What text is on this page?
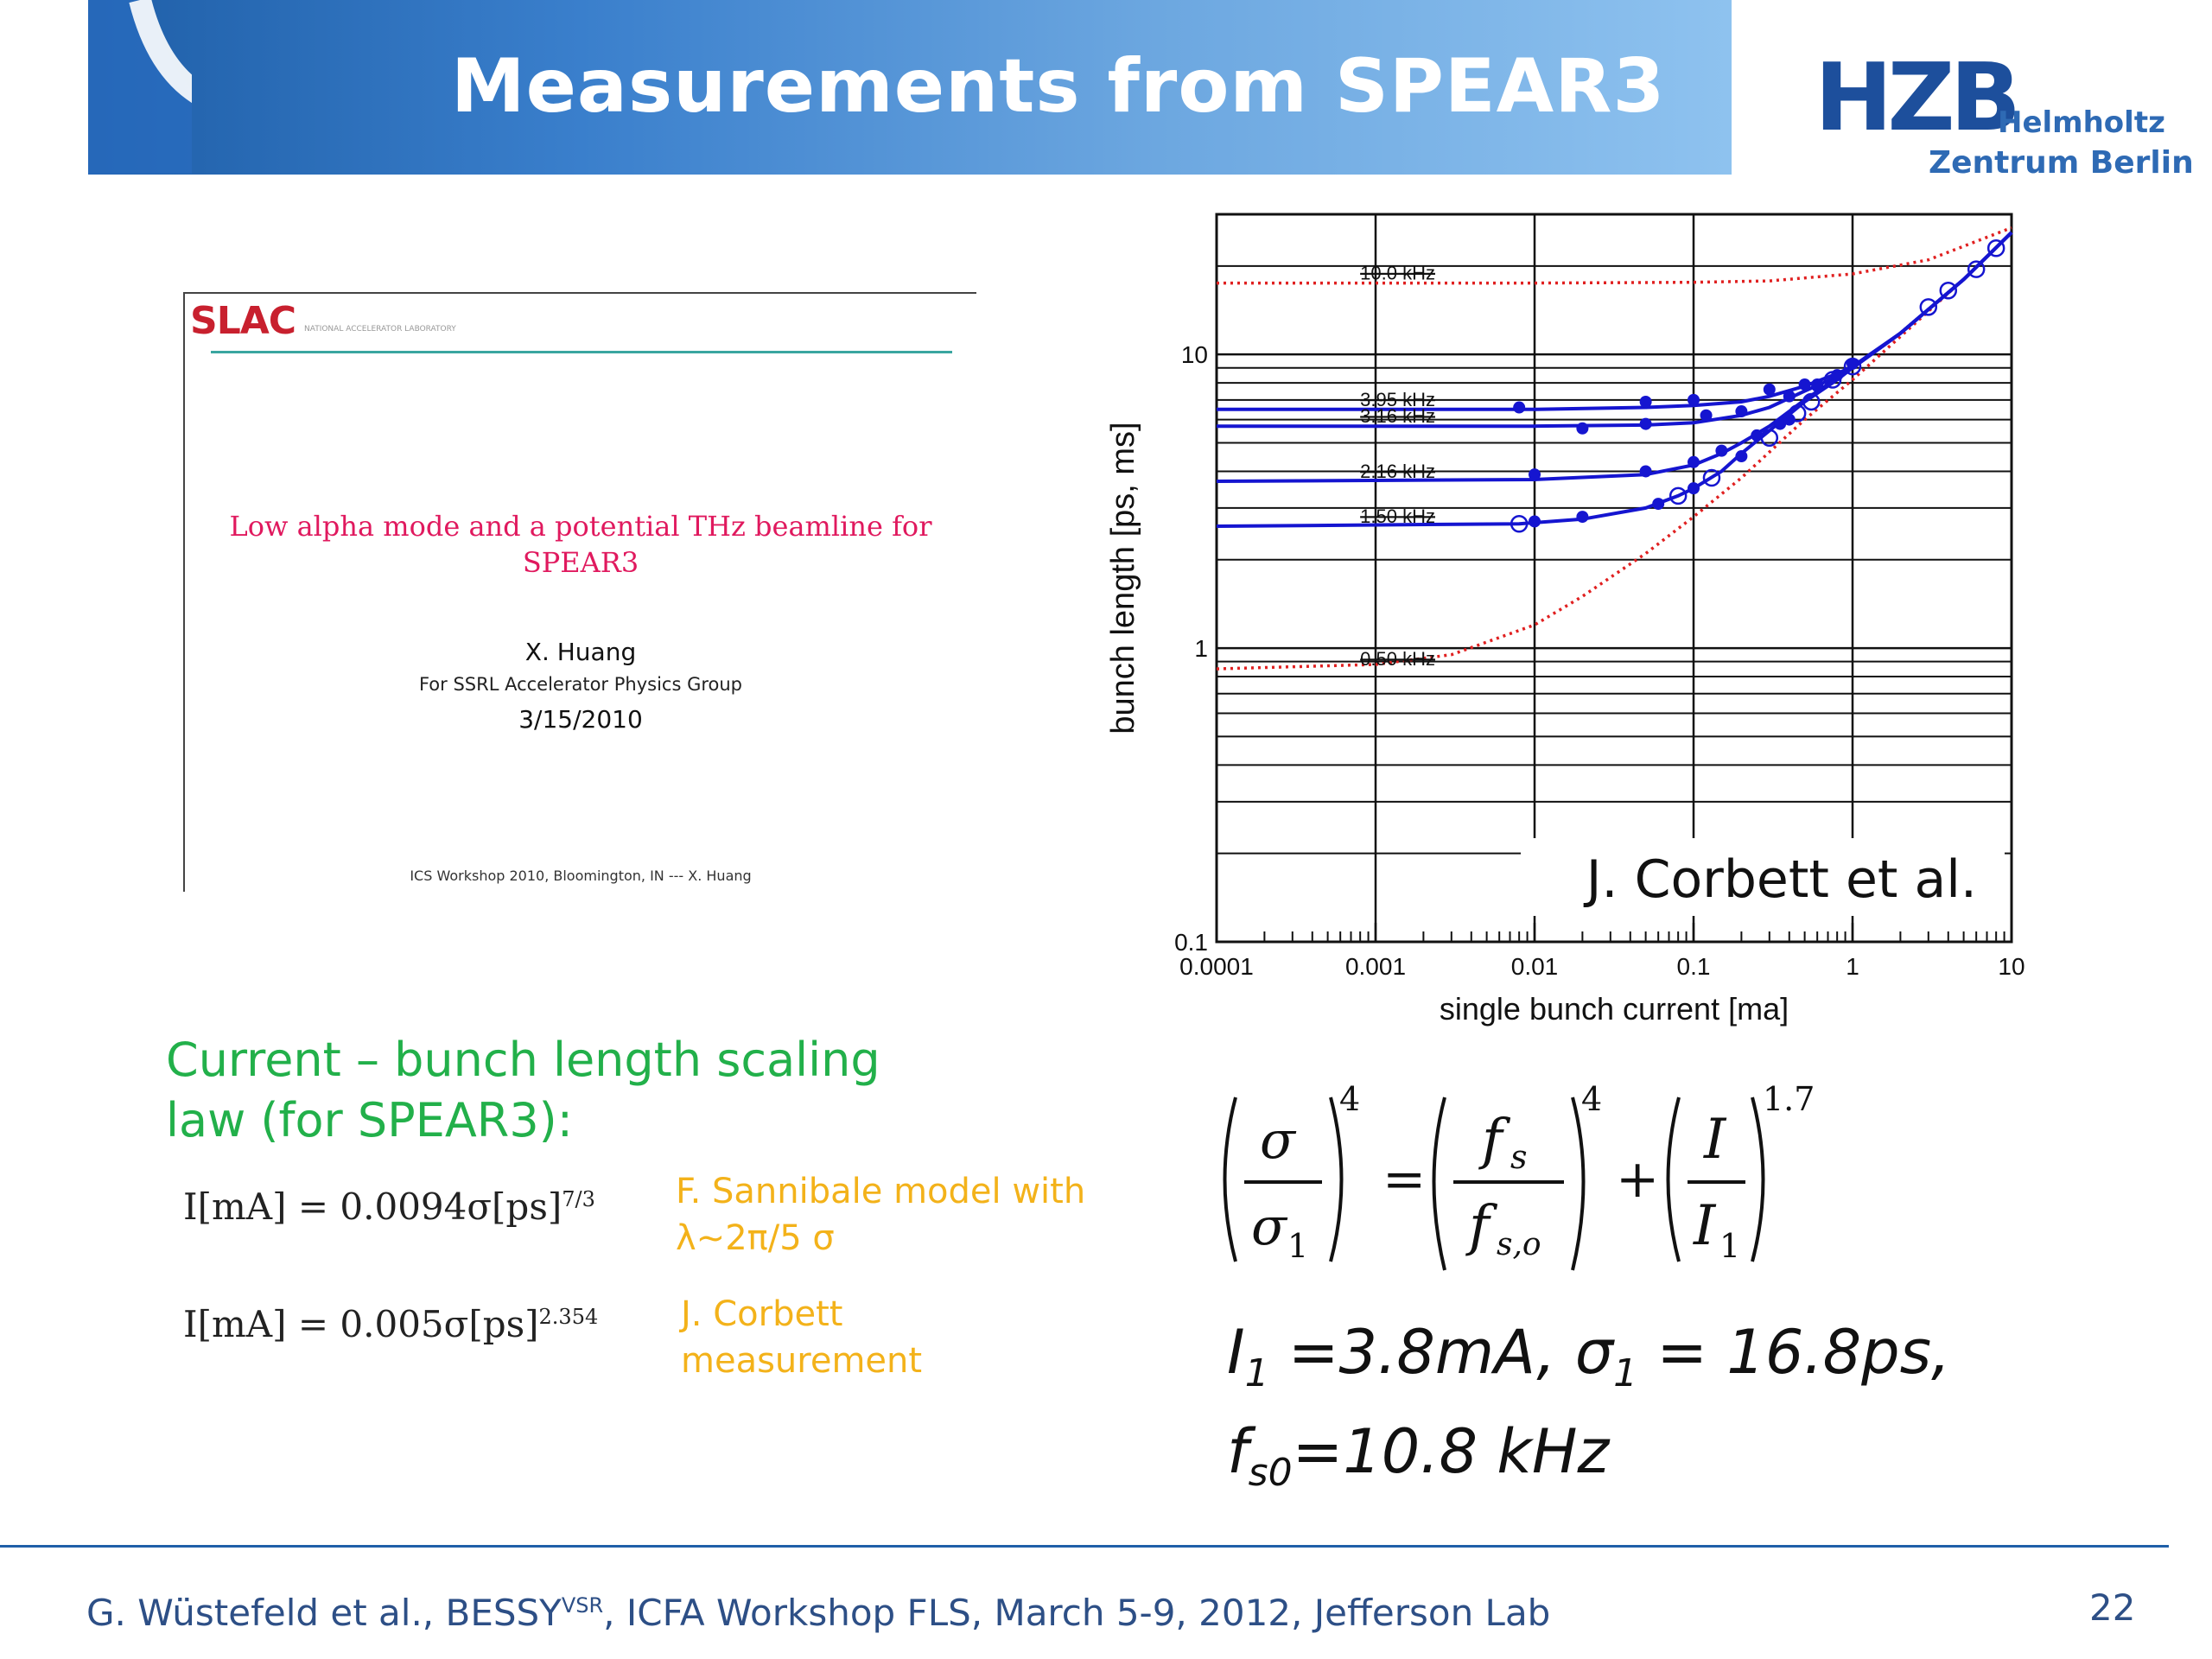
Measurements from SPEAR3 HZB
Helmholtz
Zentrum Berlin
SLAC NATIONAL ACCELERATOR LABORATORY
Low alpha mode and a potential THz beamline for
SPEAR3
X. Huang
For SSRL Accelerator Physics Group
3/15/2010
ICS Workshop 2010, Bloomington, IN --- X. Huang
0.0001	0.001	0.01	0.1	1	10
0.1
1
10
single bunch current [ma]
bunch length [ps, ms]
10.0 kHz
0.50 kHz
3.95 kHz
3.16 kHz
2.16 kHz
1.50 kHz
J. Corbett et al.
Current – bunch length scaling
law (for SPEAR3):
I[mA] = 0.0094σ[ps]$^{7/3}$
I[mA] = 0.005σ[ps]$^{2.354}$
F. Sannibale model with
λ~2π/5 σ
J. Corbett
measurement
σ
σ 1
4
=
f s
f s,o
4
+
I
I 1
1.7
$I_1 =3.8mA$, $\sigma_1 = 16.8ps$,
$f_{s0}=10.8$ kHz
G. Wüstefeld et al., $BESSY^{VSR}$, ICFA Workshop FLS, March 5-9, 2012, Jefferson Lab	22
